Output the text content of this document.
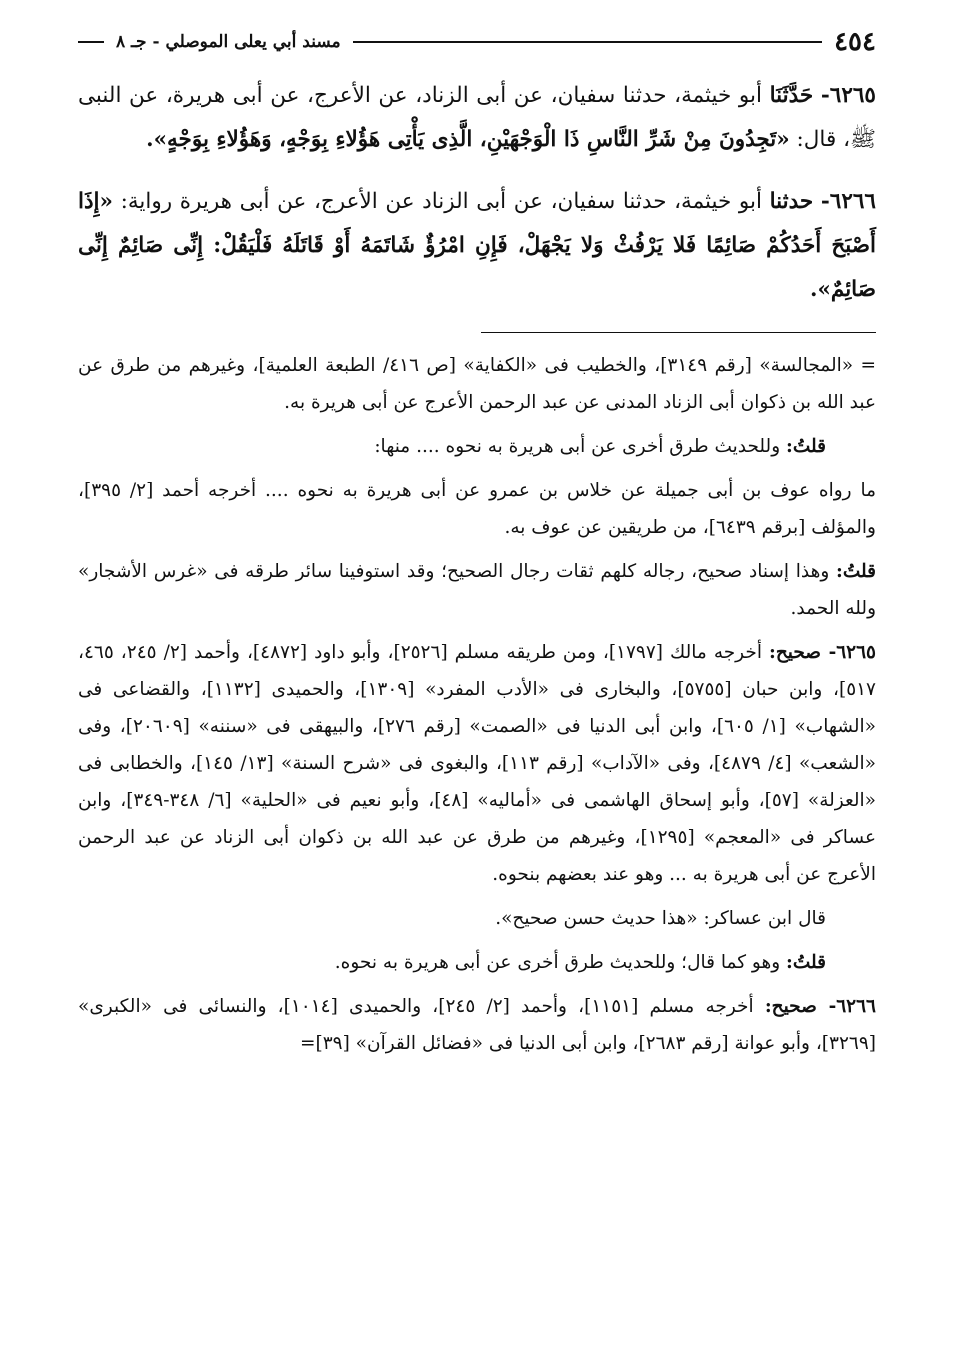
٤٥٤
مسند أبي يعلى الموصلي - جـ ٨
٦٢٦٥- حَدَّثَنَا أبو خيثمة، حدثنا سفيان، عن أبى الزناد، عن الأعرج، عن أبى هريرة، عن النبى ﷺ، قال: «تَجِدُونَ مِنْ شَرِّ النَّاسِ ذَا الْوَجْهَيْنِ، الَّذِى يَأْتِى هَؤُلاءِ بِوَجْهٍ، وَهَؤُلاءِ بِوَجْهٍ».
٦٢٦٦- حدثنا أبو خيثمة، حدثنا سفيان، عن أبى الزناد عن الأعرج، عن أبى هريرة رواية: «إِذَا أَصْبَحَ أَحَدُكُمْ صَائِمًا فَلا يَرْفُثْ وَلا يَجْهَلْ، فَإِنِ امْرُؤٌ شَاتَمَهُ أَوْ قَاتَلَهُ فَلْيَقُلْ: إِنِّى صَائِمٌ إِنِّى صَائِمٌ».

= «المجالسة» [رقم ٣١٤٩]، والخطيب فى «الكفاية» [ص ٤١٦/ الطبعة العلمية]، وغيرهم من طرق عن عبد الله بن ذكوان أبى الزناد المدنى عن عبد الرحمن الأعرج عن أبى هريرة به.

قلتُ: وللحديث طرق أخرى عن أبى هريرة به نحوه .... منها:

ما رواه عوف بن أبى جميلة عن خلاس بن عمرو عن أبى هريرة به نحوه .... أخرجه أحمد [٢/ ٣٩٥]، والمؤلف [برقم ٦٤٣٩]، من طريقين عن عوف به.

قلتُ: وهذا إسناد صحيح، رجاله كلهم ثقات رجال الصحيح؛ وقد استوفينا سائر طرقه فى «غرس الأشجار» ولله الحمد.

٦٢٦٥- صحيح: أخرجه مالك [١٧٩٧]، ومن طريقه مسلم [٢٥٢٦]، وأبو داود [٤٨٧٢]، وأحمد [٢/ ٢٤٥، ٤٦٥، ٥١٧]، وابن حبان [٥٧٥٥]، والبخارى فى «الأدب المفرد» [١٣٠٩]، والحميدى [١١٣٢]، والقضاعى فى «الشهاب» [١/ ٦٠٥]، وابن أبى الدنيا فى «الصمت» [رقم ٢٧٦]، والبيهقى فى «سننه» [٢٠٦٠٩]، وفى «الشعب» [٤/ ٤٨٧٩]، وفى «الآداب» [رقم ١١٣]، والبغوى فى «شرح السنة» [١٣/ ١٤٥]، والخطابى فى «العزلة» [٥٧]، وأبو إسحاق الهاشمى فى «أماليه» [٤٨]، وأبو نعيم فى «الحلية» [٦/ ٣٤٨-٣٤٩]، وابن عساكر فى «المعجم» [١٢٩٥]، وغيرهم من طرق عن عبد الله بن ذكوان أبى الزناد عن عبد الرحمن الأعرج عن أبى هريرة به ... وهو عند بعضهم بنحوه.

قال ابن عساكر: «هذا حديث حسن صحيح».

قلتُ: وهو كما قال؛ وللحديث طرق أخرى عن أبى هريرة به نحوه.

٦٢٦٦- صحيح: أخرجه مسلم [١١٥١]، وأحمد [٢/ ٢٤٥]، والحميدى [١٠١٤]، والنسائى فى «الكبرى» [٣٢٦٩]، وأبو عوانة [رقم ٢٦٨٣]، وابن أبى الدنيا فى «فضائل القرآن» [٣٩]=
